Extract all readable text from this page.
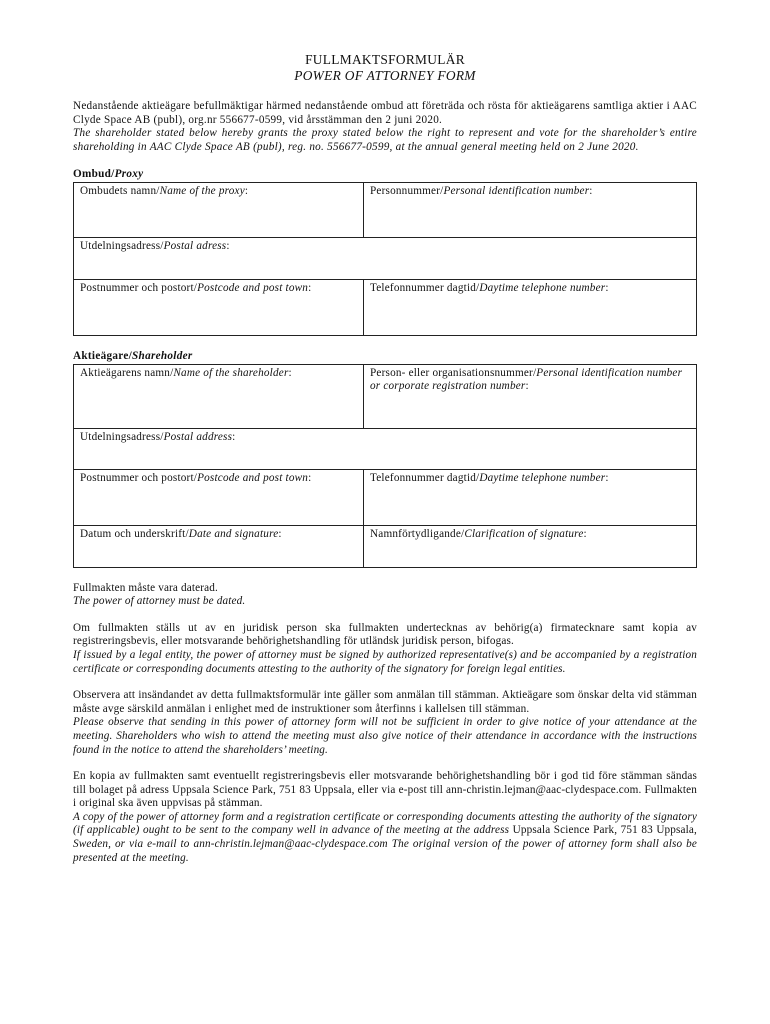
FULLMAKTSFORMULÄR
POWER OF ATTORNEY FORM

Nedanstående aktieägare befullmäktigar härmed nedanstående ombud att företräda och rösta för aktieägarens samtliga aktier i AAC Clyde Space AB (publ), org.nr 556677-0599, vid årsstämman den 2 juni 2020.

The shareholder stated below hereby grants the proxy stated below the right to represent and vote for the shareholder’s entire shareholding in AAC Clyde Space AB (publ), reg. no. 556677-0599, at the annual general meeting held on 2 June 2020.

Ombud/Proxy
Ombudets namn/Name of the proxy:	Personnummer/Personal identification number:
Utdelningsadress/Postal adress:	
Postnummer och postort/Postcode and post town:	Telefonnummer dagtid/Daytime telephone number:
Aktieägare/Shareholder
Aktieägarens namn/Name of the shareholder:	Person- eller organisationsnummer/Personal identification number or corporate registration number:
Utdelningsadress/Postal address:	
Postnummer och postort/Postcode and post town:	Telefonnummer dagtid/Daytime telephone number:
Datum och underskrift/Date and signature:	Namnförtydligande/Clarification of signature:

Fullmakten måste vara daterad.

The power of attorney must be dated.

Om fullmakten ställs ut av en juridisk person ska fullmakten undertecknas av behörig(a) firmatecknare samt kopia av registreringsbevis, eller motsvarande behörighetshandling för utländsk juridisk person, bifogas.

If issued by a legal entity, the power of attorney must be signed by authorized representative(s) and be accompanied by a registration certificate or corresponding documents attesting to the authority of the signatory for foreign legal entities.

Observera att insändandet av detta fullmaktsformulär inte gäller som anmälan till stämman. Aktieägare som önskar delta vid stämman måste avge särskild anmälan i enlighet med de instruktioner som återfinns i kallelsen till stämman.

Please observe that sending in this power of attorney form will not be sufficient in order to give notice of your attendance at the meeting. Shareholders who wish to attend the meeting must also give notice of their attendance in accordance with the instructions found in the notice to attend the shareholders’ meeting.

En kopia av fullmakten samt eventuellt registreringsbevis eller motsvarande behörighetshandling bör i god tid före stämman sändas till bolaget på adress Uppsala Science Park, 751 83 Uppsala, eller via e-post till ann-christin.lejman@aac-clydespace.com. Fullmakten i original ska även uppvisas på stämman.

A copy of the power of attorney form and a registration certificate or corresponding documents attesting the authority of the signatory (if applicable) ought to be sent to the company well in advance of the meeting at the address Uppsala Science Park, 751 83 Uppsala, Sweden, or via e-mail to ann-christin.lejman@aac-clydespace.com The original version of the power of attorney form shall also be presented at the meeting.
